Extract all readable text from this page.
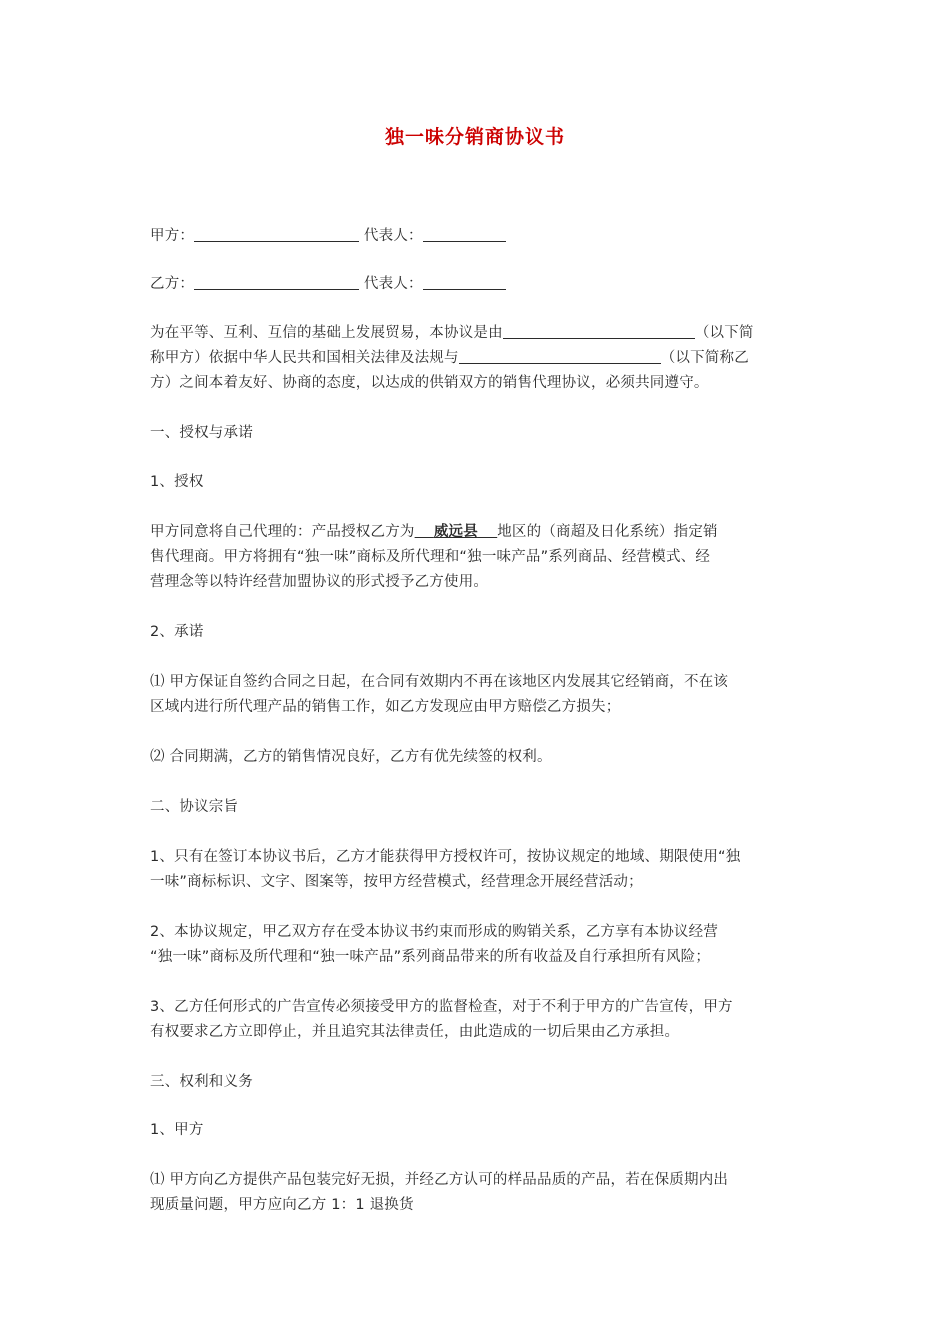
独一味分销商协议书
甲方：	代表人：
乙方：	代表人：
为在平等、互利、互信的基础上发展贸易，本协议是由	（以下简
称甲方）依据中华人民共和国相关法律及法规与	（以下简称乙
方）之间本着友好、协商的态度，以达成的供销双方的销售代理协议，必须共同遵守。
一、授权与承诺
1、授权
甲方同意将自己代理的：产品授权乙方为 威远县 地区的（商超及日化系统）指定销
售代理商。甲方将拥有“独一味”商标及所代理和“独一味产品”系列商品、经营模式、经
营理念等以特许经营加盟协议的形式授予乙方使用。
2、承诺
⑴ 甲方保证自签约合同之日起，在合同有效期内不再在该地区内发展其它经销商，不在该
区域内进行所代理产品的销售工作，如乙方发现应由甲方赔偿乙方损失；
⑵ 合同期满，乙方的销售情况良好，乙方有优先续签的权利。
二、协议宗旨
1、只有在签订本协议书后，乙方才能获得甲方授权许可，按协议规定的地域、期限使用“独
一味”商标标识、文字、图案等，按甲方经营模式，经营理念开展经营活动；
2、本协议规定，甲乙双方存在受本协议书约束而形成的购销关系，乙方享有本协议经营
“独一味”商标及所代理和“独一味产品”系列商品带来的所有收益及自行承担所有风险；
3、乙方任何形式的广告宣传必须接受甲方的监督检查，对于不利于甲方的广告宣传，甲方
有权要求乙方立即停止，并且追究其法律责任，由此造成的一切后果由乙方承担。
三、权利和义务
1、甲方
⑴ 甲方向乙方提供产品包装完好无损，并经乙方认可的样品品质的产品，若在保质期内出
现质量问题，甲方应向乙方 1：1 退换货
